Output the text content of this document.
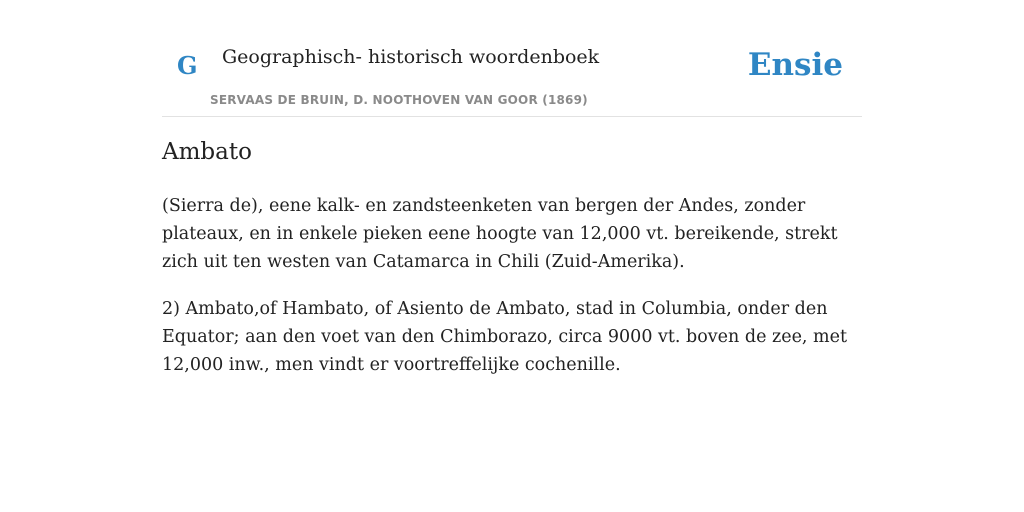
G Geographisch- historisch woordenboek
SERVAAS DE BRUIN, D. NOOTHOVEN VAN GOOR (1869)
Ensie
Ambato

(Sierra de), eene kalk- en zandsteenketen van bergen der Andes, zonder plateaux, en in enkele pieken eene hoogte van 12,000 vt. bereikende, strekt zich uit ten westen van Catamarca in Chili (Zuid-Amerika).

2) Ambato,of Hambato, of Asiento de Ambato, stad in Columbia, onder den Equator; aan den voet van den Chimborazo, circa 9000 vt. boven de zee, met 12,000 inw., men vindt er voortreffelijke cochenille.
